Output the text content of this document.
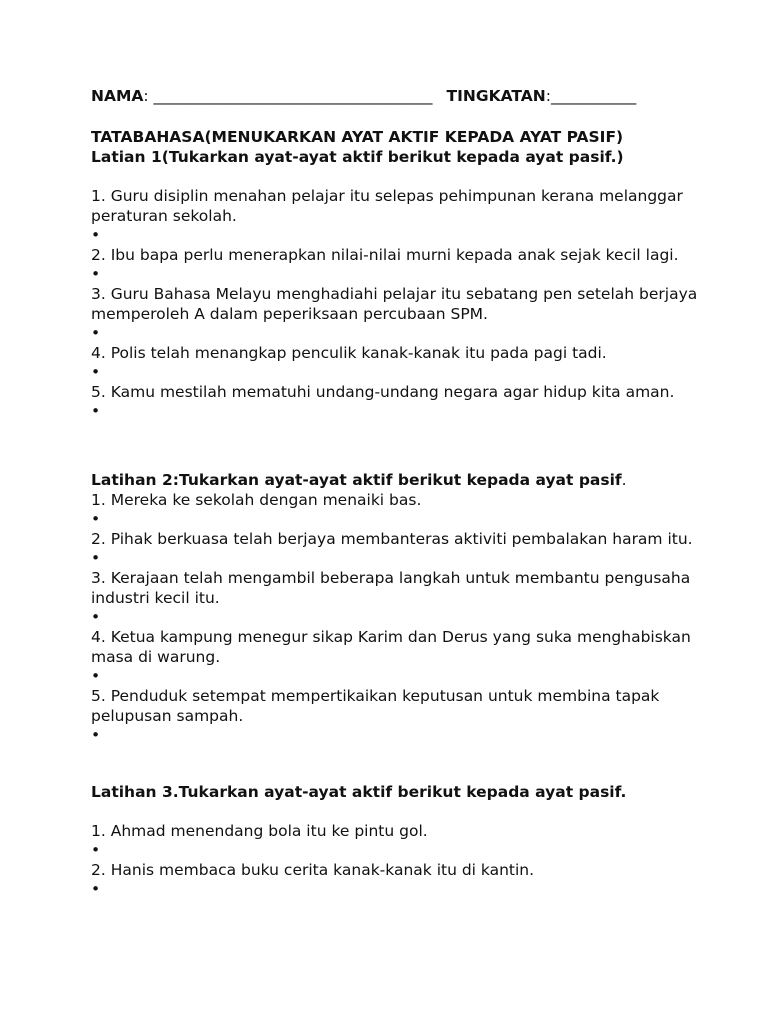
NAMA: ____________________________________ TINGKATAN:___________
TATABAHASA(MENUKARKAN AYAT AKTIF KEPADA AYAT PASIF)
Latian 1(Tukarkan ayat-ayat aktif berikut kepada ayat pasif.)
1. Guru disiplin menahan pelajar itu selepas pehimpunan kerana melanggar peraturan sekolah.
•
2. Ibu bapa perlu menerapkan nilai-nilai murni kepada anak sejak kecil lagi.
•
3. Guru Bahasa Melayu menghadiahi pelajar itu sebatang pen setelah berjaya memperoleh A dalam peperiksaan percubaan SPM.
•
4. Polis telah menangkap penculik kanak-kanak itu pada pagi tadi.
•
5. Kamu mestilah mematuhi undang-undang negara agar hidup kita aman.
•
Latihan 2:Tukarkan ayat-ayat aktif berikut kepada ayat pasif.
1. Mereka ke sekolah dengan menaiki bas.
•
2. Pihak berkuasa telah berjaya membanteras aktiviti pembalakan haram itu.
•
3. Kerajaan telah mengambil beberapa langkah untuk membantu pengusaha industri kecil itu.
•
4. Ketua kampung menegur sikap Karim dan Derus yang suka menghabiskan masa di warung.
•
5. Penduduk setempat mempertikaikan keputusan untuk membina tapak pelupusan sampah.
•
Latihan 3.Tukarkan ayat-ayat aktif berikut kepada ayat pasif.
1. Ahmad menendang bola itu ke pintu gol.
•
2. Hanis membaca buku cerita kanak-kanak itu di kantin.
•
